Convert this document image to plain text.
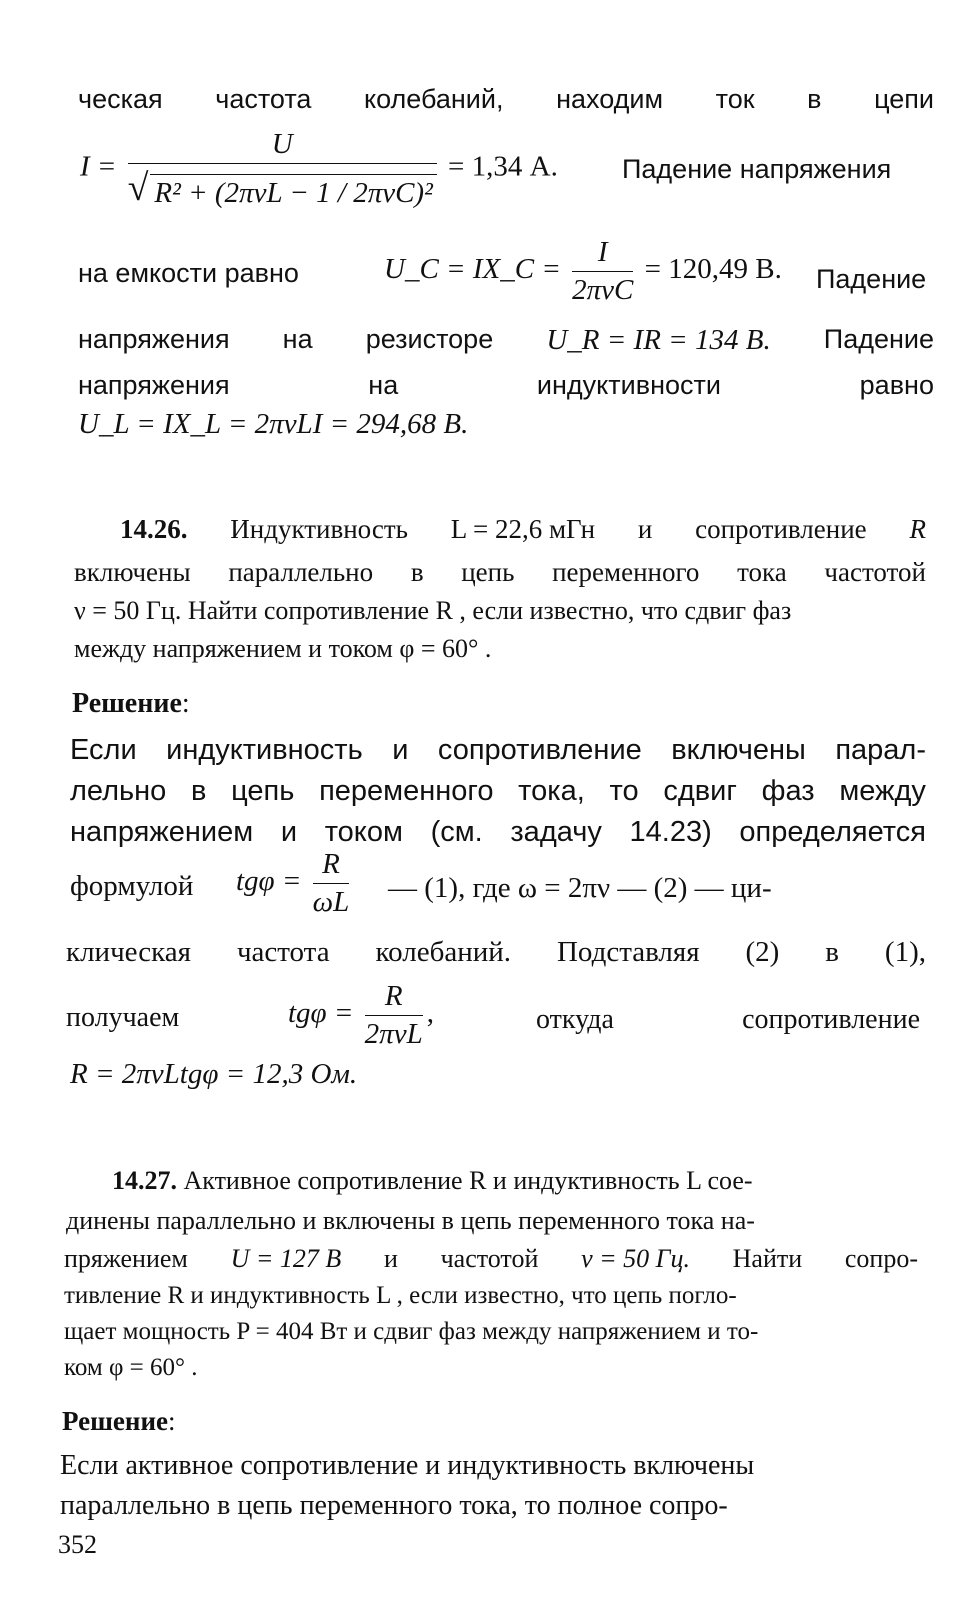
ческая частота колебаний, находим ток в цепи
$I = \frac{U}{\text{√ R² + (2πνL − 1 / 2πνC)²}} = 1,34$ А. Падение напряжения
на емкости равно	U_C = IX_C = $\frac{I}{\text{2πνC}} = 120,49$ В. Падение
напряжения на резисторе U_R = IR = 134 В. Падение
напряжения	на	индуктивности	равно
U_L = IX_L = 2πνLI = 294,68 В.
14.26. Индуктивность L = 22,6 мГн и сопротивление R
включены параллельно в цепь переменного тока частотой
ν = 50 Гц. Найти сопротивление R , если известно, что сдвиг фаз
между напряжением и током φ = 60° .
Решение:
Если индуктивность и сопротивление включены парал-
лельно в цепь переменного тока, то сдвиг фаз между
напряжением и током (см. задачу 14.23) определяется
формулой $tg\varphi = \frac{R}{\omega L}$ — (1), где ω = 2πν — (2) — ци-
клическая частота колебаний. Подставляя (2) в (1),
получаем	$tg\varphi = \frac{R}{\text{2πνL}}$ ,	откуда	сопротивление
R = 2πνLtgφ = 12,3 Ом.
14.27. Активное сопротивление R и индуктивность L сое-
динены параллельно и включены в цепь переменного тока на-
пряжением U = 127 В и частотой ν = 50 Гц. Найти сопро-
тивление R и индуктивность L , если известно, что цепь погло-
щает мощность P = 404 Вт и сдвиг фаз между напряжением и то-
ком φ = 60° .
Решение:
Если активное сопротивление и индуктивность включены
параллельно в цепь переменного тока, то полное сопро-
352
